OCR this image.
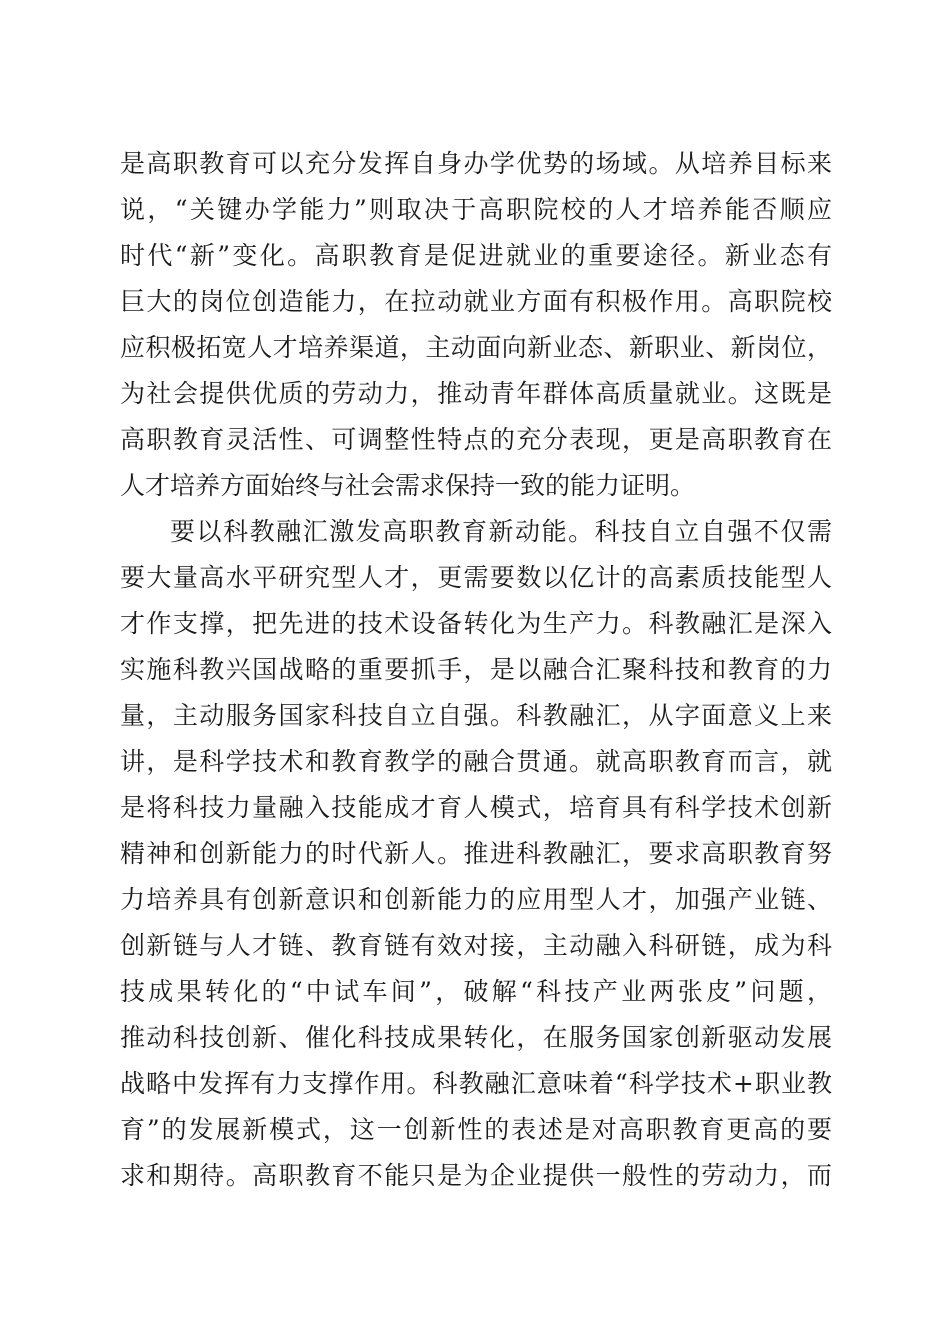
是高职教育可以充分发挥自身办学优势的场域。从培养目标来
说，“关键办学能力”则取决于高职院校的人才培养能否顺应
时代“新”变化。高职教育是促进就业的重要途径。新业态有
巨大的岗位创造能力，在拉动就业方面有积极作用。高职院校
应积极拓宽人才培养渠道，主动面向新业态、新职业、新岗位，
为社会提供优质的劳动力，推动青年群体高质量就业。这既是
高职教育灵活性、可调整性特点的充分表现，更是高职教育在
人才培养方面始终与社会需求保持一致的能力证明。
要以科教融汇激发高职教育新动能。科技自立自强不仅需
要大量高水平研究型人才，更需要数以亿计的高素质技能型人
才作支撑，把先进的技术设备转化为生产力。科教融汇是深入
实施科教兴国战略的重要抓手，是以融合汇聚科技和教育的力
量，主动服务国家科技自立自强。科教融汇，从字面意义上来
讲，是科学技术和教育教学的融合贯通。就高职教育而言，就
是将科技力量融入技能成才育人模式，培育具有科学技术创新
精神和创新能力的时代新人。推进科教融汇，要求高职教育努
力培养具有创新意识和创新能力的应用型人才，加强产业链、
创新链与人才链、教育链有效对接，主动融入科研链，成为科
技成果转化的“中试车间”，破解“科技产业两张皮”问题，
推动科技创新、催化科技成果转化，在服务国家创新驱动发展
战略中发挥有力支撑作用。科教融汇意味着“科学技术+职业教
育”的发展新模式，这一创新性的表述是对高职教育更高的要
求和期待。高职教育不能只是为企业提供一般性的劳动力，而
